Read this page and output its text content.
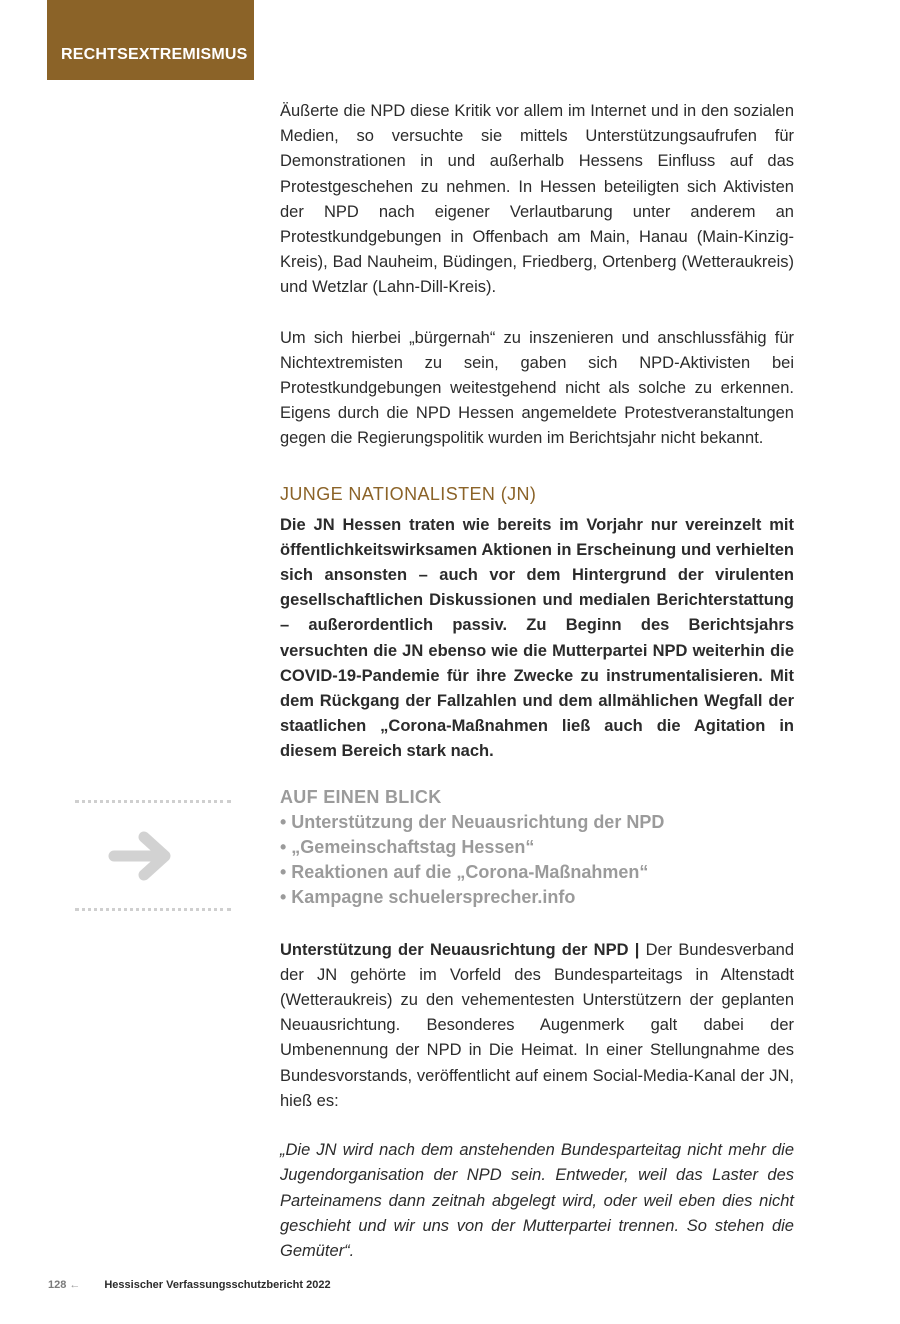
RECHTSEXTREMISMUS

Äußerte die NPD diese Kritik vor allem im Internet und in den sozialen Medien, so versuchte sie mittels Unterstützungsaufrufen für Demonstrationen in und außerhalb Hessens Einfluss auf das Protestgeschehen zu nehmen. In Hessen beteiligten sich Aktivisten der NPD nach eigener Verlautbarung unter anderem an Protestkundgebungen in Offenbach am Main, Hanau (Main-Kinzig-Kreis), Bad Nauheim, Büdingen, Friedberg, Ortenberg (Wetteraukreis) und Wetzlar (Lahn-Dill-Kreis).

Um sich hierbei „bürgernah“ zu inszenieren und anschlussfähig für Nichtextremisten zu sein, gaben sich NPD-Aktivisten bei Protestkundgebungen weitestgehend nicht als solche zu erkennen. Eigens durch die NPD Hessen angemeldete Protestveranstaltungen gegen die Regierungspolitik wurden im Berichtsjahr nicht bekannt.

JUNGE NATIONALISTEN (JN)

Die JN Hessen traten wie bereits im Vorjahr nur vereinzelt mit öffentlichkeitswirksamen Aktionen in Erscheinung und verhielten sich ansonsten – auch vor dem Hintergrund der virulenten gesellschaftlichen Diskussionen und medialen Berichterstattung – außerordentlich passiv. Zu Beginn des Berichtsjahrs versuchten die JN ebenso wie die Mutterpartei NPD weiterhin die COVID-19-Pandemie für ihre Zwecke zu instrumentalisieren. Mit dem Rückgang der Fallzahlen und dem allmählichen Wegfall der staatlichen „Corona-Maßnahmen ließ auch die Agitation in diesem Bereich stark nach.

AUF EINEN BLICK
• Unterstützung der Neuausrichtung der NPD
• „Gemeinschaftstag Hessen“
• Reaktionen auf die „Corona-Maßnahmen“
• Kampagne schuelersprecher.info

Unterstützung der Neuausrichtung der NPD | Der Bundesverband der JN gehörte im Vorfeld des Bundesparteitags in Altenstadt (Wetteraukreis) zu den vehementesten Unterstützern der geplanten Neuausrichtung. Besonderes Augenmerk galt dabei der Umbenennung der NPD in Die Heimat. In einer Stellungnahme des Bundesvorstands, veröffentlicht auf einem Social-Media-Kanal der JN, hieß es:

„Die JN wird nach dem anstehenden Bundesparteitag nicht mehr die Jugendorganisation der NPD sein. Entweder, weil das Laster des Parteinamens dann zeitnah abgelegt wird, oder weil eben dies nicht geschieht und wir uns von der Mutterpartei trennen. So stehen die Gemüter“.

128 ← Hessischer Verfassungsschutzbericht 2022
